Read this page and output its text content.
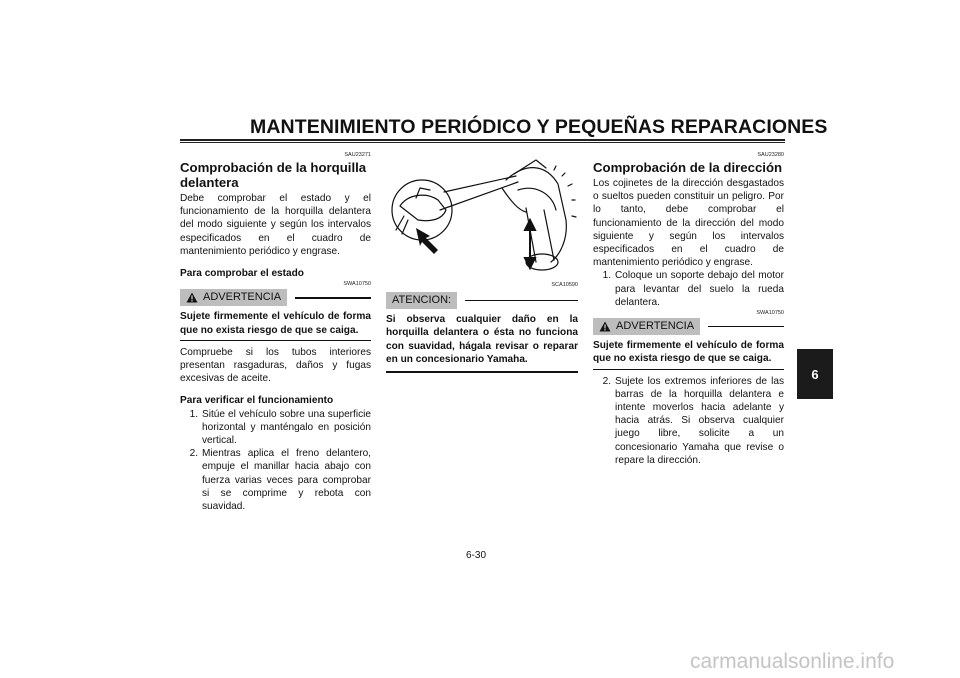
MANTENIMIENTO PERIÓDICO Y PEQUEÑAS REPARACIONES
6
SAU23271
Comprobación de la horquilla delantera

Debe comprobar el estado y el funcionamiento de la horquilla delantera del modo siguiente y según los intervalos especificados en el cuadro de mantenimiento periódico y engrase.

Para comprobar el estado
SWA10750
ADVERTENCIA
Sujete firmemente el vehículo de forma que no exista riesgo de que se caiga.

Compruebe si los tubos interiores presentan rasgaduras, daños y fugas excesivas de aceite.

Para verificar el funcionamiento
1. Sitúe el vehículo sobre una superficie horizontal y manténgalo en posición vertical.
2. Mientras aplica el freno delantero, empuje el manillar hacia abajo con fuerza varias veces para comprobar si se comprime y rebota con suavidad.
SCA10590
ATENCION:
Si observa cualquier daño en la horquilla delantera o ésta no funciona con suavidad, hágala revisar o reparar en un concesionario Yamaha.
SAU23280
Comprobación de la dirección

Los cojinetes de la dirección desgastados o sueltos pueden constituir un peligro. Por lo tanto, debe comprobar el funcionamiento de la dirección del modo siguiente y según los intervalos especificados en el cuadro de mantenimiento periódico y engrase.

1. Coloque un soporte debajo del motor para levantar del suelo la rueda delantera.
SWA10750
ADVERTENCIA
Sujete firmemente el vehículo de forma que no exista riesgo de que se caiga.
2. Sujete los extremos inferiores de las barras de la horquilla delantera e intente moverlos hacia adelante y hacia atrás. Si observa cualquier juego libre, solicite a un concesionario Yamaha que revise o repare la dirección.
6-30
carmanualsonline.info
